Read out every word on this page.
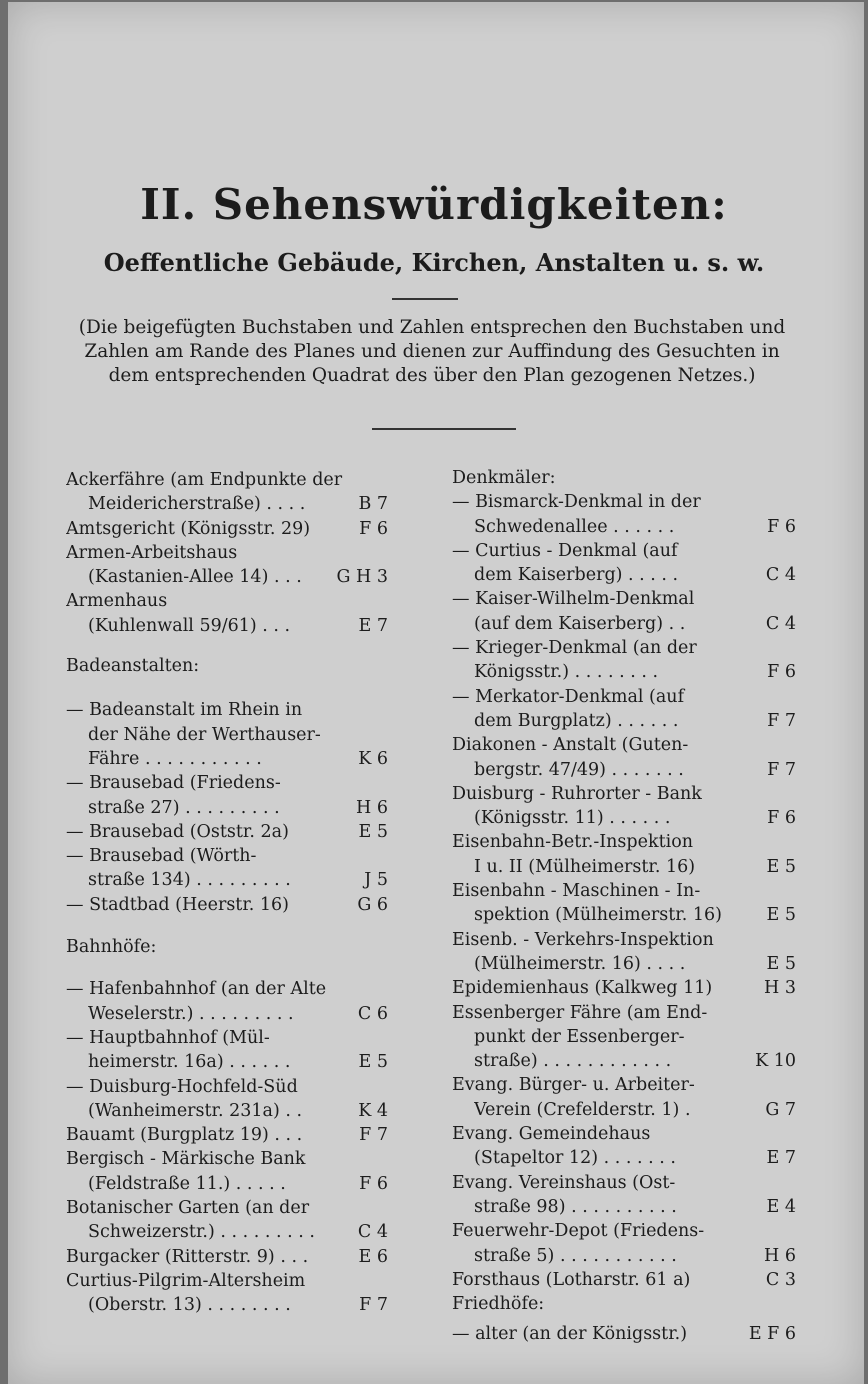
II. Sehenswürdigkeiten:
Oeffentliche Gebäude, Kirchen, Anstalten u. s. w.
(Die beigefügten Buchstaben und Zahlen entsprechen den Buchstaben und Zahlen am Rande des Planes und dienen zur Auffindung des Gesuchten in dem entsprechenden Quadrat des über den Plan gezogenen Netzes.)
Ackerfähre (am Endpunkte der
Meidericherstraße) . . . .	B 7
Amtsgericht (Königsstr. 29)	F 6
Armen-Arbeitshaus
(Kastanien-Allee 14) . . .	G H 3
Armenhaus
(Kuhlenwall 59/61) . . .	E 7
Badeanstalten:
— Badeanstalt im Rhein in
der Nähe der Werthauser-
Fähre . . . . . . . . . . .	K 6
— Brausebad (Friedens-
straße 27) . . . . . . . . .	H 6
— Brausebad (Oststr. 2a)	E 5
— Brausebad (Wörth-
straße 134) . . . . . . . . .	J 5
— Stadtbad (Heerstr. 16)	G 6
Bahnhöfe:
— Hafenbahnhof (an der Alte
Weselerstr.) . . . . . . . . .	C 6
— Hauptbahnhof (Mül-
heimerstr. 16a) . . . . . .	E 5
— Duisburg-Hochfeld-Süd
(Wanheimerstr. 231a) . .	K 4
Bauamt (Burgplatz 19) . . .	F 7
Bergisch - Märkische Bank
(Feldstraße 11.) . . . . .	F 6
Botanischer Garten (an der
Schweizerstr.) . . . . . . . . .	C 4
Burgacker (Ritterstr. 9) . . .	E 6
Curtius-Pilgrim-Altersheim
(Oberstr. 13) . . . . . . . .	F 7
Denkmäler:
— Bismarck-Denkmal in der
Schwedenallee . . . . . .	F 6
— Curtius - Denkmal (auf
dem Kaiserberg) . . . . .	C 4
— Kaiser-Wilhelm-Denkmal
(auf dem Kaiserberg) . .	C 4
— Krieger-Denkmal (an der
Königsstr.) . . . . . . . .	F 6
— Merkator-Denkmal (auf
dem Burgplatz) . . . . . .	F 7
Diakonen - Anstalt (Guten-
bergstr. 47/49) . . . . . . .	F 7
Duisburg - Ruhrorter - Bank
(Königsstr. 11) . . . . . .	F 6
Eisenbahn-Betr.-Inspektion
I u. II (Mülheimerstr. 16)	E 5
Eisenbahn - Maschinen - In-
spektion (Mülheimerstr. 16)	E 5
Eisenb. - Verkehrs-Inspektion
(Mülheimerstr. 16) . . . .	E 5
Epidemienhaus (Kalkweg 11)	H 3
Essenberger Fähre (am End-
punkt der Essenberger-
straße) . . . . . . . . . . . .	K 10
Evang. Bürger- u. Arbeiter-
Verein (Crefelderstr. 1) .	G 7
Evang. Gemeindehaus
(Stapeltor 12) . . . . . . .	E 7
Evang. Vereinshaus (Ost-
straße 98) . . . . . . . . . .	E 4
Feuerwehr-Depot (Friedens-
straße 5) . . . . . . . . . . .	H 6
Forsthaus (Lotharstr. 61 a)	C 3
Friedhöfe:
— alter (an der Königsstr.)	E F 6
